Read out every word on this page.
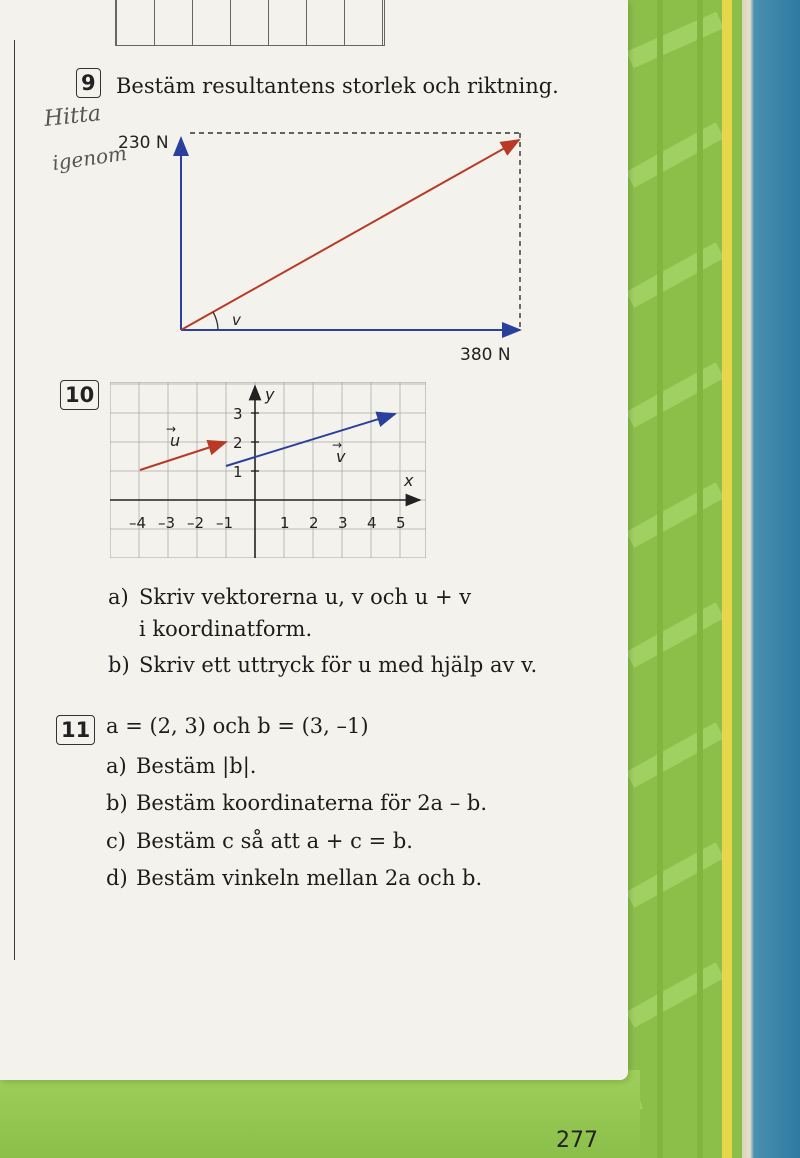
9 Bestäm resultantens storlek och riktning.
Hitta
igenom
230 N
380 N
v
10
x
y
–4 –3 –2 –1	1 2 3 4 5
1
2
3
u
→
v
→
a) Skriv vektorerna u, v och u + v
i koordinatform.
b) Skriv ett uttryck för u med hjälp av v.
11 a = (2, 3) och b = (3, –1)
a) Bestäm |b|.
b) Bestäm koordinaterna för 2a – b.
c) Bestäm c så att a + c = b.
d) Bestäm vinkeln mellan 2a och b.
277
